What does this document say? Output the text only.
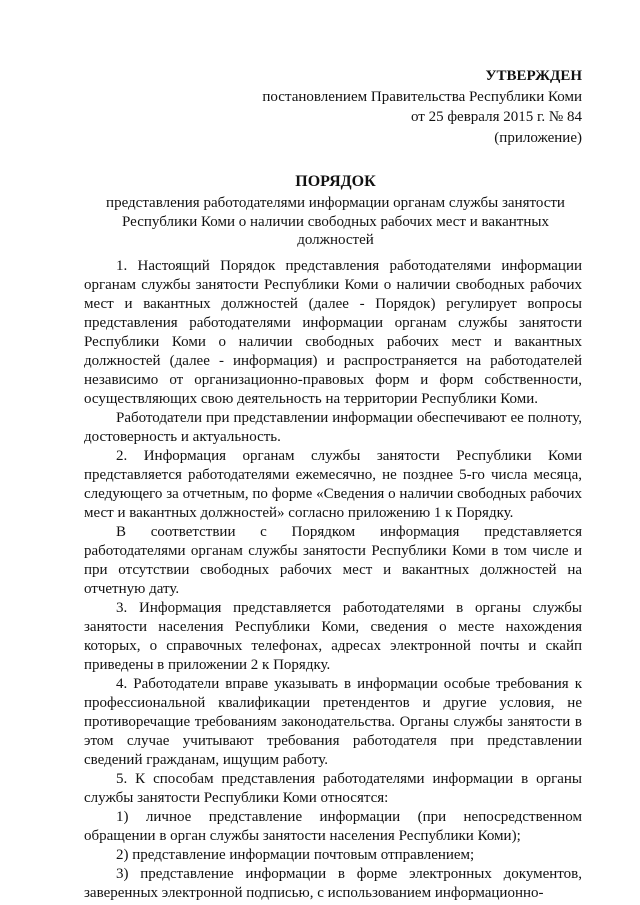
УТВЕРЖДЕН
постановлением Правительства Республики Коми
от 25 февраля 2015 г. № 84
(приложение)
ПОРЯДОК
представления работодателями информации органам службы занятости Республики Коми о наличии свободных рабочих мест и вакантных должностей

1. Настоящий Порядок представления работодателями информации органам службы занятости Республики Коми о наличии свободных рабочих мест и вакантных должностей (далее - Порядок) регулирует вопросы представления работодателями информации органам службы занятости Республики Коми о наличии свободных рабочих мест и вакантных должностей (далее - информация) и распространяется на работодателей независимо от организационно-правовых форм и форм собственности, осуществляющих свою деятельность на территории Республики Коми.

Работодатели при представлении информации обеспечивают ее полноту, достоверность и актуальность.

2. Информация органам службы занятости Республики Коми представляется работодателями ежемесячно, не позднее 5-го числа месяца, следующего за отчетным, по форме «Сведения о наличии свободных рабочих мест и вакантных должностей» согласно приложению 1 к Порядку.

В соответствии с Порядком информация представляется работодателями органам службы занятости Республики Коми в том числе и при отсутствии свободных рабочих мест и вакантных должностей на отчетную дату.

3. Информация представляется работодателями в органы службы занятости населения Республики Коми, сведения о месте нахождения которых, о справочных телефонах, адресах электронной почты и скайп приведены в приложении 2 к Порядку.

4. Работодатели вправе указывать в информации особые требования к профессиональной квалификации претендентов и другие условия, не противоречащие требованиям законодательства. Органы службы занятости в этом случае учитывают требования работодателя при представлении сведений гражданам, ищущим работу.

5. К способам представления работодателями информации в органы службы занятости Республики Коми относятся:

1) личное представление информации (при непосредственном обращении в орган службы занятости населения Республики Коми);

2) представление информации почтовым отправлением;

3) представление информации в форме электронных документов, заверенных электронной подписью, с использованием информационно-
